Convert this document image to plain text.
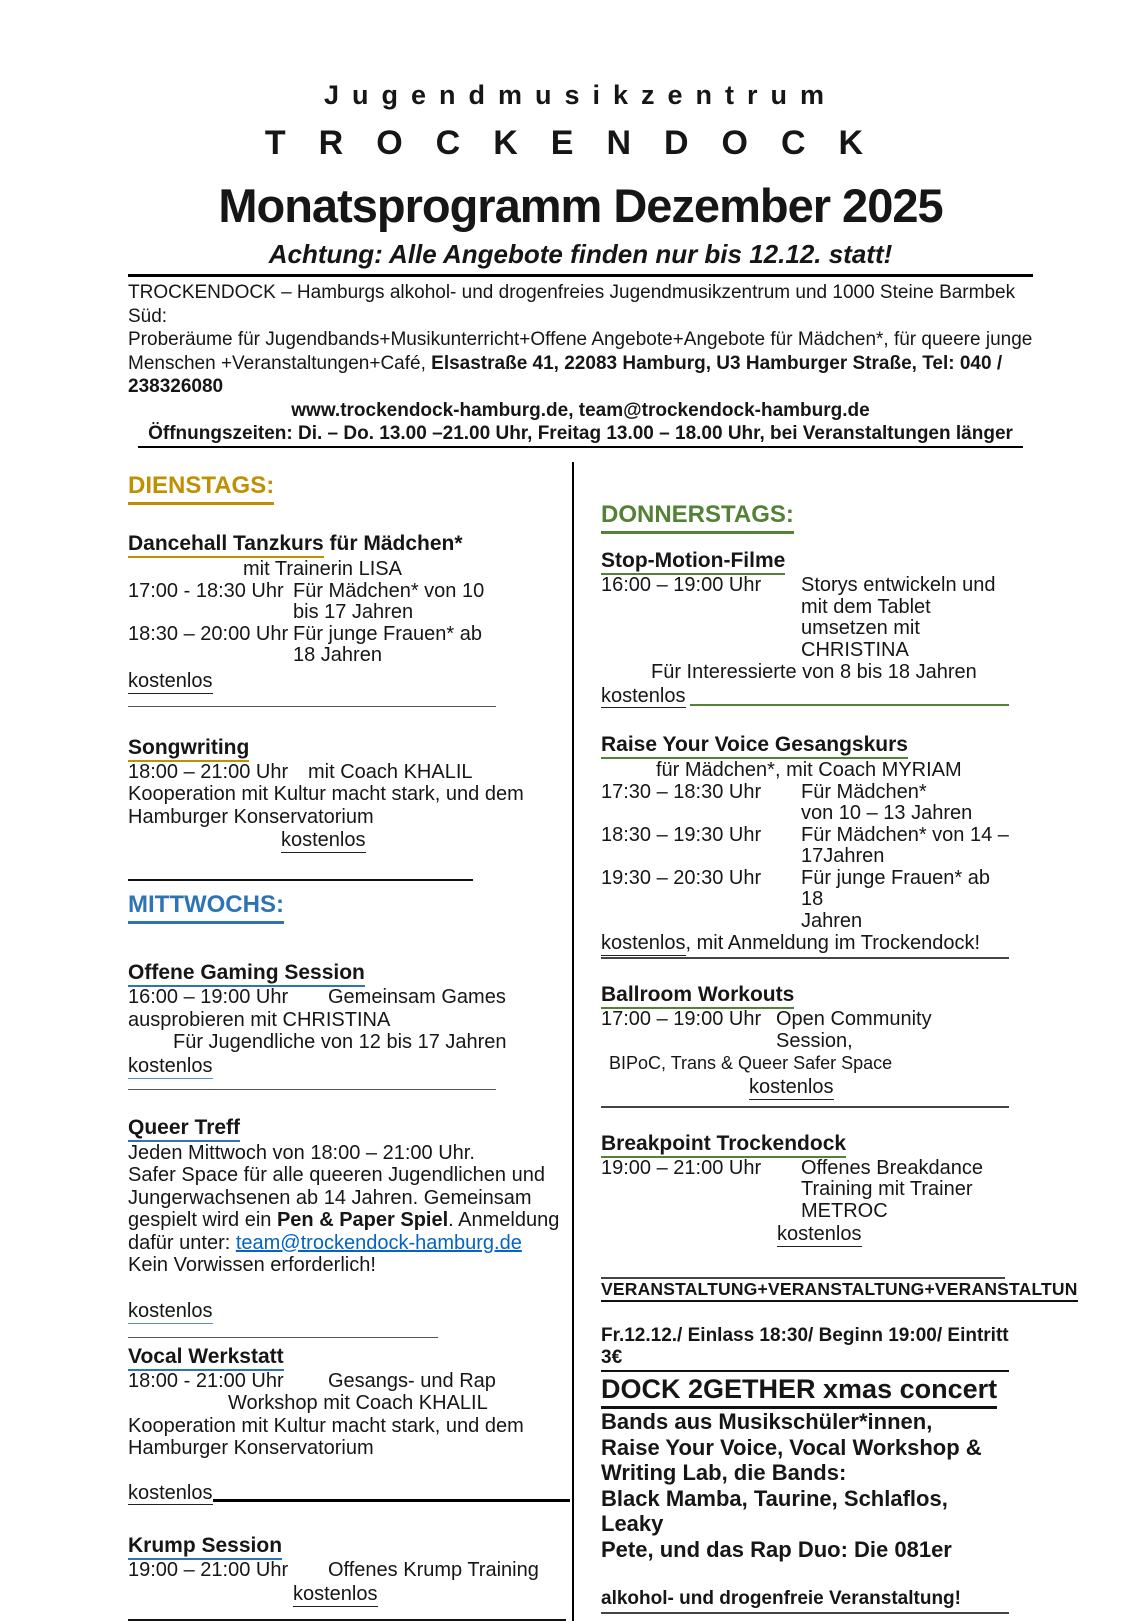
Jugendmusikzentrum
TROCKENDOCK
Monatsprogramm Dezember 2025
Achtung: Alle Angebote finden nur bis 12.12. statt!
TROCKENDOCK – Hamburgs alkohol- und drogenfreies Jugendmusikzentrum und 1000 Steine Barmbek Süd:
Proberäume für Jugendbands+Musikunterricht+Offene Angebote+Angebote für Mädchen*, für queere junge
Menschen +Veranstaltungen+Café, Elsastraße 41, 22083 Hamburg, U3 Hamburger Straße, Tel: 040 / 238326080
www.trockendock-hamburg.de, team@trockendock-hamburg.de
Öffnungszeiten: Di. – Do. 13.00 –21.00 Uhr, Freitag 13.00 – 18.00 Uhr, bei Veranstaltungen länger
DIENSTAGS:
Dancehall Tanzkurs für Mädchen*
mit Trainerin LISA
17:00 - 18:30 Uhr Für Mädchen* von 10
bis 17 Jahren
18:30 – 20:00 Uhr Für junge Frauen* ab
18 Jahren
kostenlos
Songwriting
18:00 – 21:00 Uhr mit Coach KHALIL
Kooperation mit Kultur macht stark, und dem
Hamburger Konservatorium
kostenlos
MITTWOCHS:
Offene Gaming Session
16:00 – 19:00 Uhr	Gemeinsam Games
ausprobieren mit CHRISTINA
Für Jugendliche von 12 bis 17 Jahren
kostenlos
Queer Treff
Jeden Mittwoch von 18:00 – 21:00 Uhr.
Safer Space für alle queeren Jugendlichen und
Jungerwachsenen ab 14 Jahren. Gemeinsam
gespielt wird ein Pen & Paper Spiel. Anmeldung
dafür unter: team@trockendock-hamburg.de
Kein Vorwissen erforderlich!
kostenlos
Vocal Werkstatt
18:00 - 21:00 Uhr	Gesangs- und Rap
Workshop mit Coach KHALIL
Kooperation mit Kultur macht stark, und dem
Hamburger Konservatorium
kostenlos
Krump Session
19:00 – 21:00 Uhr	Offenes Krump Training
kostenlos
DONNERSTAGS:
Stop-Motion-Filme
16:00 – 19:00 Uhr	Storys entwickeln und
mit dem Tablet
umsetzen mit
CHRISTINA
Für Interessierte von 8 bis 18 Jahren
kostenlos
Raise Your Voice Gesangskurs
für Mädchen*, mit Coach MYRIAM
17:30 – 18:30 Uhr	Für Mädchen*
von 10 – 13 Jahren
18:30 – 19:30 Uhr	Für Mädchen* von 14 –
17Jahren
19:30 – 20:30 Uhr	Für junge Frauen* ab 18
Jahren
kostenlos, mit Anmeldung im Trockendock!
Ballroom Workouts
17:00 – 19:00 Uhr Open Community Session,
BIPoC, Trans & Queer Safer Space
kostenlos
Breakpoint Trockendock
19:00 – 21:00 Uhr	Offenes Breakdance
Training mit Trainer
METROC
kostenlos
VERANSTALTUNG+VERANSTALTUNG+VERANSTALTUN
Fr.12.12./ Einlass 18:30/ Beginn 19:00/ Eintritt 3€
DOCK 2GETHER xmas concert
Bands aus Musikschüler*innen,
Raise Your Voice, Vocal Workshop &
Writing Lab, die Bands:
Black Mamba, Taurine, Schlaflos, Leaky
Pete, und das Rap Duo: Die 081er
alkohol- und drogenfreie Veranstaltung!
